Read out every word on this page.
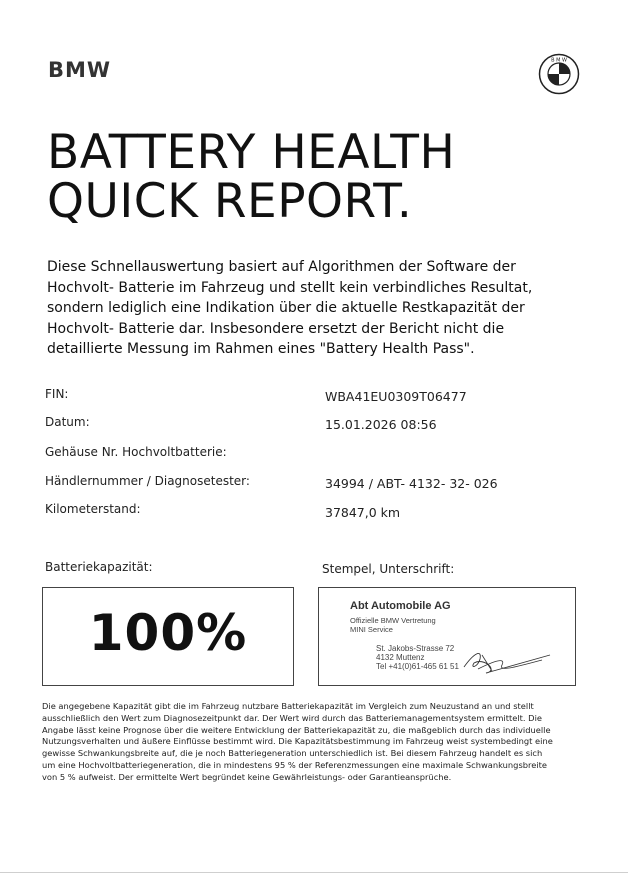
BMW	B M W
BATTERY HEALTH
QUICK REPORT.
Diese Schnellauswertung basiert auf Algorithmen der Software der
Hochvolt- Batterie im Fahrzeug und stellt kein verbindliches Resultat,
sondern lediglich eine Indikation über die aktuelle Restkapazität der
Hochvolt- Batterie dar. Insbesondere ersetzt der Bericht nicht die
detaillierte Messung im Rahmen eines "Battery Health Pass".
FIN:	WBA41EU0309T06477
Datum:	15.01.2026 08:56
Gehäuse Nr. Hochvoltbatterie:
Händlernummer / Diagnosetester:	34994 / ABT- 4132- 32- 026
Kilometerstand:	37847,0 km
Batteriekapazität:	Stempel, Unterschrift:
100%	Abt Automobile AG
Offizielle BMW Vertretung
MINI Service
St. Jakobs-Strasse 72
4132 Muttenz
Tel +41(0)61-465 61 51
Die angegebene Kapazität gibt die im Fahrzeug nutzbare Batteriekapazität im Vergleich zum Neuzustand an und stellt
ausschließlich den Wert zum Diagnosezeitpunkt dar. Der Wert wird durch das Batteriemanagementsystem ermittelt. Die
Angabe lässt keine Prognose über die weitere Entwicklung der Batteriekapazität zu, die maßgeblich durch das individuelle
Nutzungsverhalten und äußere Einflüsse bestimmt wird. Die Kapazitätsbestimmung im Fahrzeug weist systembedingt eine
gewisse Schwankungsbreite auf, die je noch Batteriegeneration unterschiedlich ist. Bei diesem Fahrzeug handelt es sich
um eine Hochvoltbatteriegeneration, die in mindestens 95 % der Referenzmessungen eine maximale Schwankungsbreite
von 5 % aufweist. Der ermittelte Wert begründet keine Gewährleistungs- oder Garantieansprüche.
